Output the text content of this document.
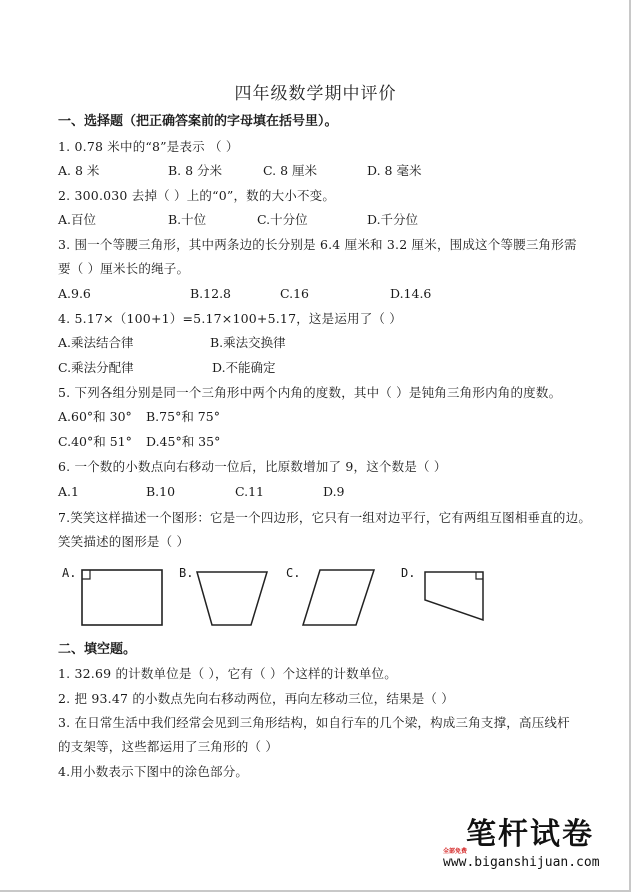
四年级数学期中评价
一、选择题（把正确答案前的字母填在括号里）。
1. 0.78 米中的“8”是表示 （ ）
A. 8 米	B. 8 分米	C. 8 厘米	D. 8 毫米
2. 300.030 去掉（ ）上的“0”，数的大小不变。
A.百位	B.十位	C.十分位	D.千分位
3. 围一个等腰三角形，其中两条边的长分别是 6.4 厘米和 3.2 厘米，围成这个等腰三角形需
要（ ）厘米长的绳子。
A.9.6	B.12.8	C.16	D.14.6
4. 5.17×（100+1）=5.17×100+5.17，这是运用了（ ）
A.乘法结合律	B.乘法交换律
C.乘法分配律	D.不能确定
5. 下列各组分别是同一个三角形中两个内角的度数，其中（ ）是钝角三角形内角的度数。
A.60°和 30° B.75°和 75°
C.40°和 51° D.45°和 35°
6. 一个数的小数点向右移动一位后，比原数增加了 9，这个数是（ ）
A.1	B.10	C.11	D.9
7.笑笑这样描述一个图形：它是一个四边形，它只有一组对边平行，它有两组互图相垂直的边。
笑笑描述的图形是（ ）
A.	B.	C.	D.
二、填空题。
1. 32.69 的计数单位是（ ），它有（ ）个这样的计数单位。
2. 把 93.47 的小数点先向右移动两位，再向左移动三位，结果是（ ）
3. 在日常生活中我们经常会见到三角形结构，如自行车的几个梁，构成三角支撑，高压线杆
的支架等，这些都运用了三角形的（ ）
4.用小数表示下图中的涂色部分。
笔杆试卷
全部免费
www.biganshijuan.com
